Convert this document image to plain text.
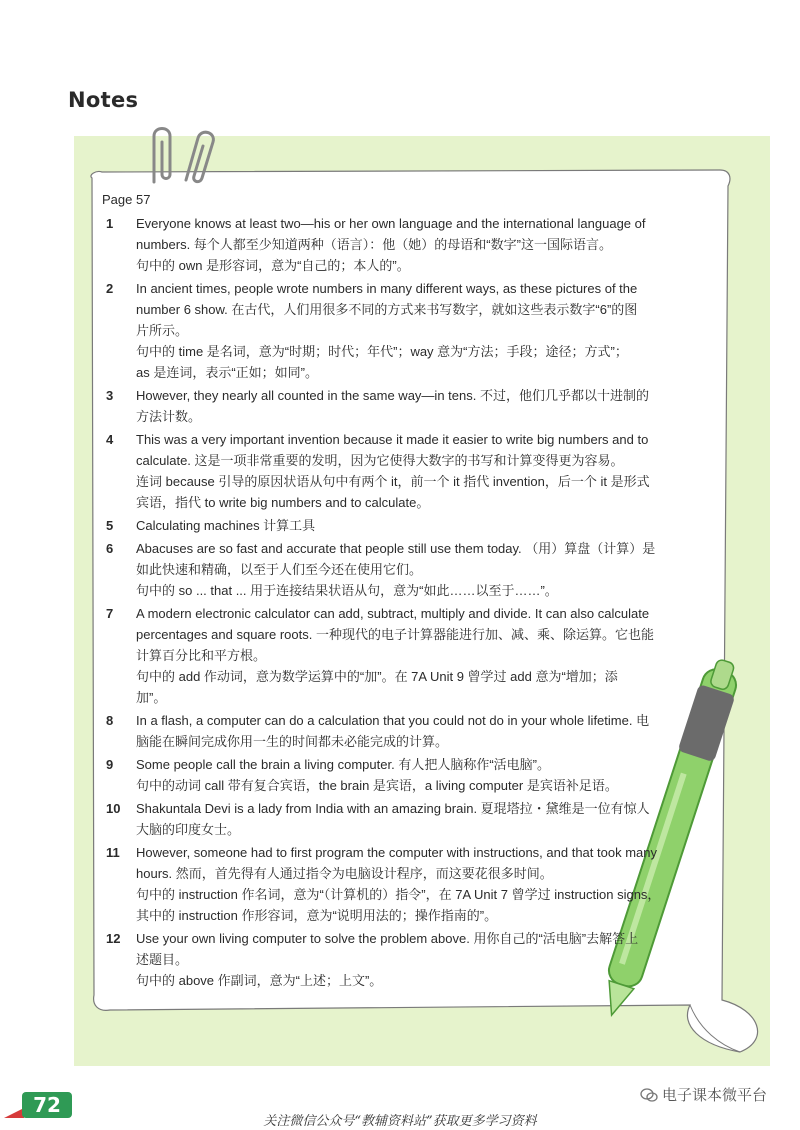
Notes
Page 57
1	Everyone knows at least two—his or her own language and the international language of

numbers. 每个人都至少知道两种（语言）：他（她）的母语和“数字”这一国际语言。

句中的 own 是形容词，意为“自己的；本人的”。

2	In ancient times, people wrote numbers in many different ways, as these pictures of the

number 6 show. 在古代，人们用很多不同的方式来书写数字，就如这些表示数字“6”的图

片所示。

句中的 time 是名词，意为“时期；时代；年代”；way 意为“方法；手段；途径；方式”；

as 是连词，表示“正如；如同”。

3	However, they nearly all counted in the same way—in tens. 不过，他们几乎都以十进制的

方法计数。

4	This was a very important invention because it made it easier to write big numbers and to

calculate. 这是一项非常重要的发明，因为它使得大数字的书写和计算变得更为容易。

连词 because 引导的原因状语从句中有两个 it，前一个 it 指代 invention，后一个 it 是形式

宾语，指代 to write big numbers and to calculate。

5	Calculating machines 计算工具

6	Abacuses are so fast and accurate that people still use them today. （用）算盘（计算）是

如此快速和精确，以至于人们至今还在使用它们。

句中的 so ... that ... 用于连接结果状语从句，意为“如此……以至于……”。

7	A modern electronic calculator can add, subtract, multiply and divide. It can also calculate

percentages and square roots. 一种现代的电子计算器能进行加、减、乘、除运算。它也能

计算百分比和平方根。

句中的 add 作动词，意为数学运算中的“加”。在 7A Unit 9 曾学过 add 意为“增加；添

加”。

8	In a flash, a computer can do a calculation that you could not do in your whole lifetime. 电

脑能在瞬间完成你用一生的时间都未必能完成的计算。

9	Some people call the brain a living computer. 有人把人脑称作“活电脑”。

句中的动词 call 带有复合宾语，the brain 是宾语，a living computer 是宾语补足语。

10	Shakuntala Devi is a lady from India with an amazing brain. 夏琨塔拉・黛维是一位有惊人

大脑的印度女士。

11	However, someone had to first program the computer with instructions, and that took many

hours. 然而，首先得有人通过指令为电脑设计程序，而这要花很多时间。

句中的 instruction 作名词，意为“（计算机的）指令”，在 7A Unit 7 曾学过 instruction signs，

其中的 instruction 作形容词，意为“说明用法的；操作指南的”。

12	Use your own living computer to solve the problem above. 用你自己的“活电脑”去解答上

述题目。

句中的 above 作副词，意为“上述；上文”。

72	电子课本微平台
关注微信公众号“教辅资料站”获取更多学习资料
